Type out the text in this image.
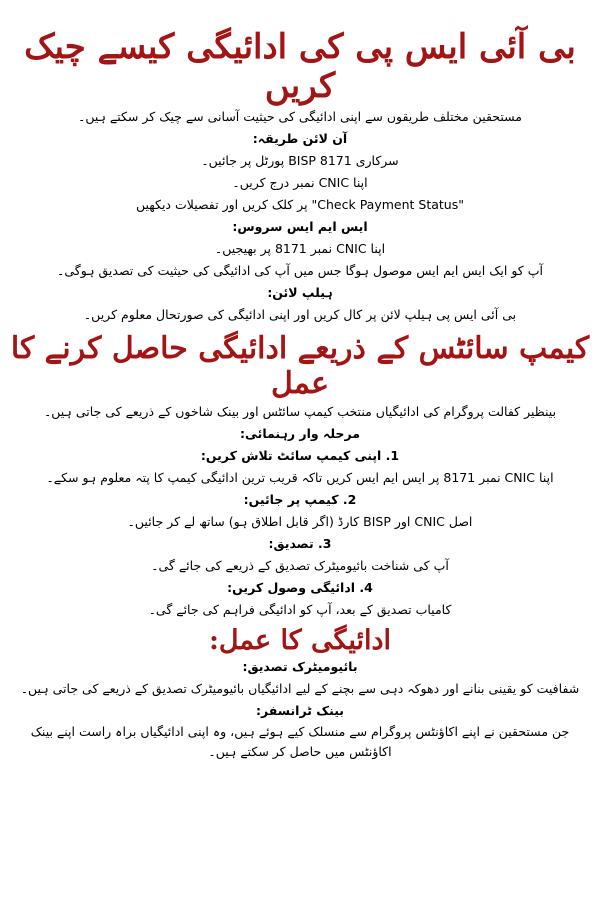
بی آئی ایس پی کی ادائیگی کیسے چیک کریں

مستحقین مختلف طریقوں سے اپنی ادائیگی کی حیثیت آسانی سے چیک کر سکتے ہیں۔

آن لائن طریقہ:

سرکاری BISP 8171 پورٹل پر جائیں۔

اپنا CNIC نمبر درج کریں۔

"Check Payment Status" پر کلک کریں اور تفصیلات دیکھیں

ایس ایم ایس سروس:

اپنا CNIC نمبر 8171 پر بھیجیں۔

آپ کو ایک ایس ایم ایس موصول ہوگا جس میں آپ کی ادائیگی کی حیثیت کی تصدیق ہوگی۔

ہیلپ لائن:

بی آئی ایس پی ہیلپ لائن پر کال کریں اور اپنی ادائیگی کی صورتحال معلوم کریں۔

کیمپ سائٹس کے ذریعے ادائیگی حاصل کرنے کا عمل

بینظیر کفالت پروگرام کی ادائیگیاں منتخب کیمپ سائٹس اور بینک شاخوں کے ذریعے کی جاتی ہیں۔

مرحلہ وار رہنمائی:

1. اپنی کیمپ سائٹ تلاش کریں:

اپنا CNIC نمبر 8171 پر ایس ایم ایس کریں تاکہ قریب ترین ادائیگی کیمپ کا پتہ معلوم ہو سکے۔

2. کیمپ پر جائیں:

اصل CNIC اور BISP کارڈ (اگر قابل اطلاق ہو) ساتھ لے کر جائیں۔

3. تصدیق:

آپ کی شناخت بائیومیٹرک تصدیق کے ذریعے کی جائے گی۔

4. ادائیگی وصول کریں:

کامیاب تصدیق کے بعد، آپ کو ادائیگی فراہم کی جائے گی۔

ادائیگی کا عمل:

بائیومیٹرک تصدیق:

شفافیت کو یقینی بنانے اور دھوکہ دہی سے بچنے کے لیے ادائیگیاں بائیومیٹرک تصدیق کے ذریعے کی جاتی ہیں۔

بینک ٹرانسفر:

جن مستحقین نے اپنے اکاؤنٹس پروگرام سے منسلک کیے ہوئے ہیں، وہ اپنی ادائیگیاں براہ راست اپنے بینک اکاؤنٹس میں حاصل کر سکتے ہیں۔
